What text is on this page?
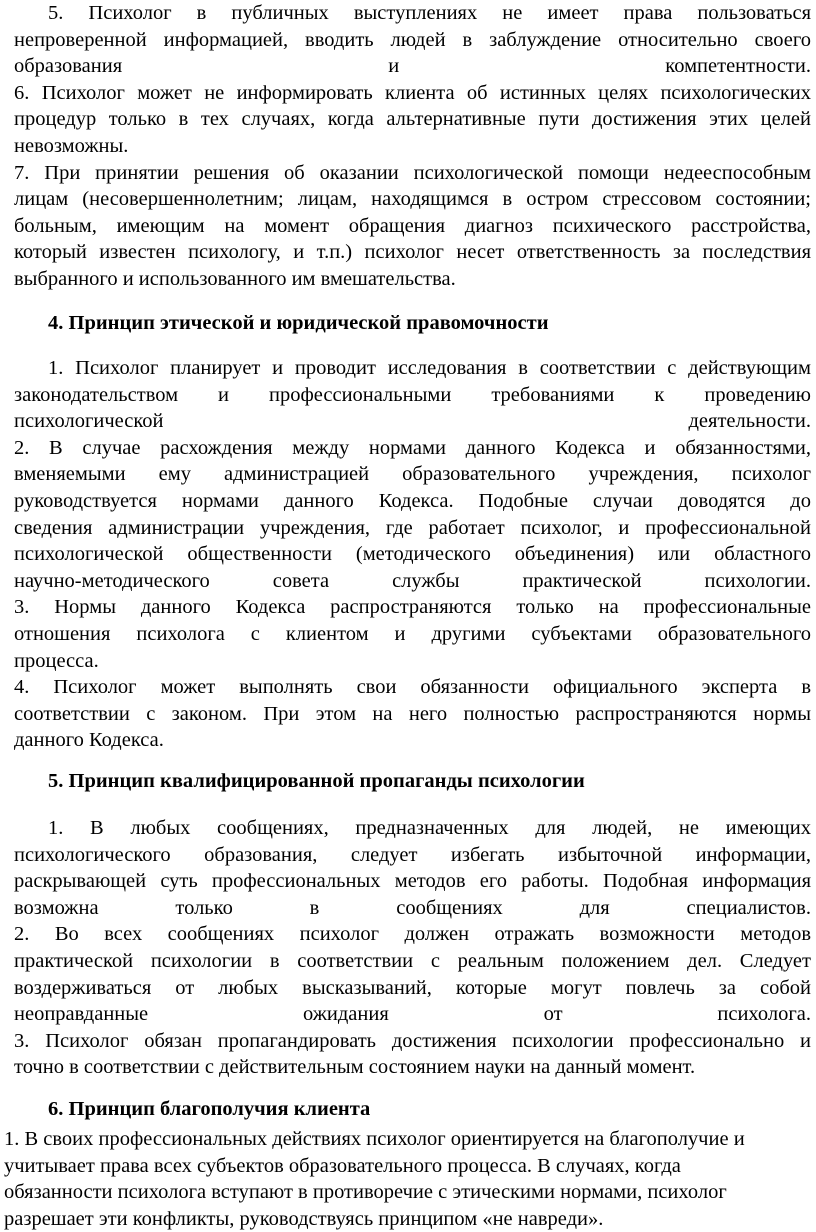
5. Психолог в публичных выступлениях не имеет права пользоваться
непроверенной информацией, вводить людей в заблуждение относительно своего
образования и компетентности.
6. Психолог может не информировать клиента об истинных целях психологических
процедур только в тех случаях, когда альтернативные пути достижения этих целей
невозможны.
7. При принятии решения об оказании психологической помощи недееспособным
лицам (несовершеннолетним; лицам, находящимся в остром стрессовом состоянии;
больным, имеющим на момент обращения диагноз психического расстройства,
который известен психологу, и т.п.) психолог несет ответственность за последствия
выбранного и использованного им вмешательства.
4. Принцип этической и юридической правомочности
1. Психолог планирует и проводит исследования в соответствии с действующим
законодательством и профессиональными требованиями к проведению
психологической деятельности.
2. В случае расхождения между нормами данного Кодекса и обязанностями,
вменяемыми ему администрацией образовательного учреждения, психолог
руководствуется нормами данного Кодекса. Подобные случаи доводятся до
сведения администрации учреждения, где работает психолог, и профессиональной
психологической общественности (методического объединения) или областного
научно-методического совета службы практической психологии.
3. Нормы данного Кодекса распространяются только на профессиональные
отношения психолога с клиентом и другими субъектами образовательного
процесса.
4. Психолог может выполнять свои обязанности официального эксперта в
соответствии с законом. При этом на него полностью распространяются нормы
данного Кодекса.
5. Принцип квалифицированной пропаганды психологии
1. В любых сообщениях, предназначенных для людей, не имеющих
психологического образования, следует избегать избыточной информации,
раскрывающей суть профессиональных методов его работы. Подобная информация
возможна только в сообщениях для специалистов.
2. Во всех сообщениях психолог должен отражать возможности методов
практической психологии в соответствии с реальным положением дел. Следует
воздерживаться от любых высказываний, которые могут повлечь за собой
неоправданные ожидания от психолога.
3. Психолог обязан пропагандировать достижения психологии профессионально и
точно в соответствии с действительным состоянием науки на данный момент.
6. Принцип благополучия клиента
1. В своих профессиональных действиях психолог ориентируется на благополучие и
учитывает права всех субъектов образовательного процесса. В случаях, когда
обязанности психолога вступают в противоречие с этическими нормами, психолог
разрешает эти конфликты, руководствуясь принципом «не навреди».
